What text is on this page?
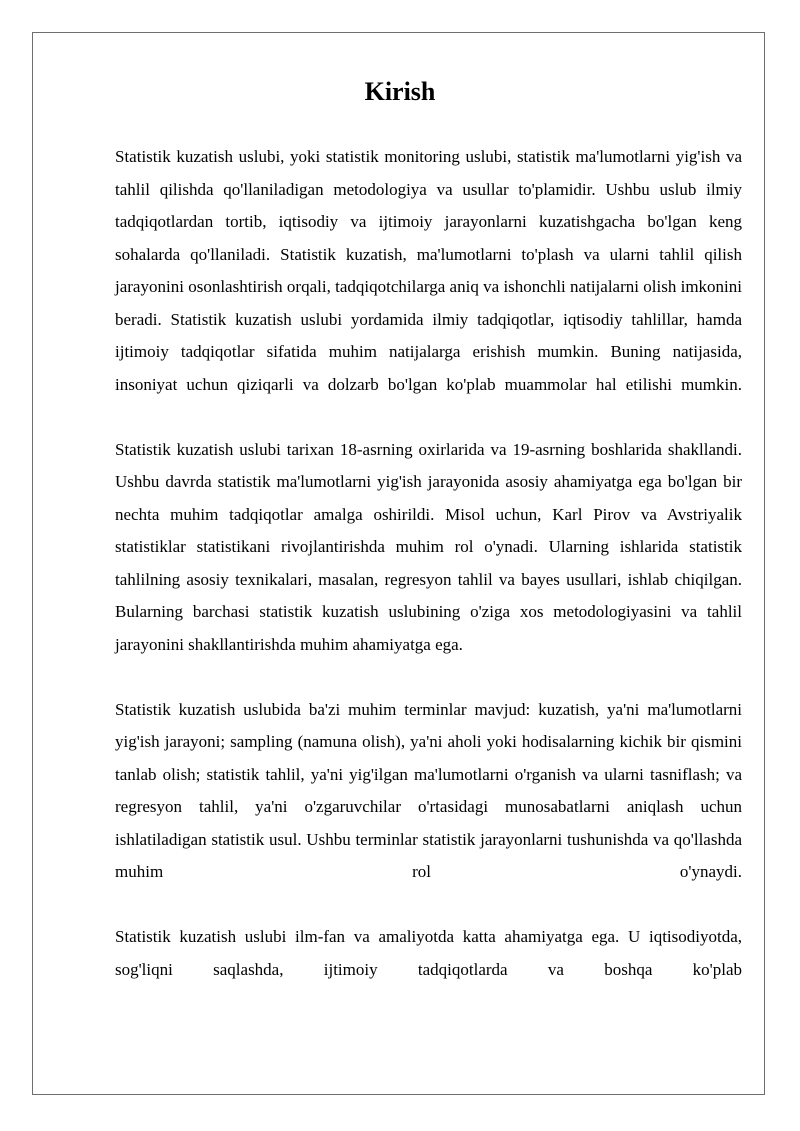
Kirish

Statistik kuzatish uslubi, yoki statistik monitoring uslubi, statistik ma'lumotlarni yig'ish va tahlil qilishda qo'llaniladigan metodologiya va usullar to'plamidir. Ushbu uslub ilmiy tadqiqotlardan tortib, iqtisodiy va ijtimoiy jarayonlarni kuzatishgacha bo'lgan keng sohalarda qo'llaniladi. Statistik kuzatish, ma'lumotlarni to'plash va ularni tahlil qilish jarayonini osonlashtirish orqali, tadqiqotchilarga aniq va ishonchli natijalarni olish imkonini beradi. Statistik kuzatish uslubi yordamida ilmiy tadqiqotlar, iqtisodiy tahlillar, hamda ijtimoiy tadqiqotlar sifatida muhim natijalarga erishish mumkin. Buning natijasida, insoniyat uchun qiziqarli va dolzarb bo'lgan ko'plab muammolar hal etilishi mumkin.

Statistik kuzatish uslubi tarixan 18-asrning oxirlarida va 19-asrning boshlarida shakllandi. Ushbu davrda statistik ma'lumotlarni yig'ish jarayonida asosiy ahamiyatga ega bo'lgan bir nechta muhim tadqiqotlar amalga oshirildi. Misol uchun, Karl Pirov va Avstriyalik statistiklar statistikani rivojlantirishda muhim rol o'ynadi. Ularning ishlarida statistik tahlilning asosiy texnikalari, masalan, regresyon tahlil va bayes usullari, ishlab chiqilgan. Bularning barchasi statistik kuzatish uslubining o'ziga xos metodologiyasini va tahlil jarayonini shakllantirishda muhim ahamiyatga ega.

Statistik kuzatish uslubida ba'zi muhim terminlar mavjud: kuzatish, ya'ni ma'lumotlarni yig'ish jarayoni; sampling (namuna olish), ya'ni aholi yoki hodisalarning kichik bir qismini tanlab olish; statistik tahlil, ya'ni yig'ilgan ma'lumotlarni o'rganish va ularni tasniflash; va regresyon tahlil, ya'ni o'zgaruvchilar o'rtasidagi munosabatlarni aniqlash uchun ishlatiladigan statistik usul. Ushbu terminlar statistik jarayonlarni tushunishda va qo'llashda muhim rol o'ynaydi.

Statistik kuzatish uslubi ilm-fan va amaliyotda katta ahamiyatga ega. U iqtisodiyotda, sog'liqni saqlashda, ijtimoiy tadqiqotlarda va boshqa ko'plab
